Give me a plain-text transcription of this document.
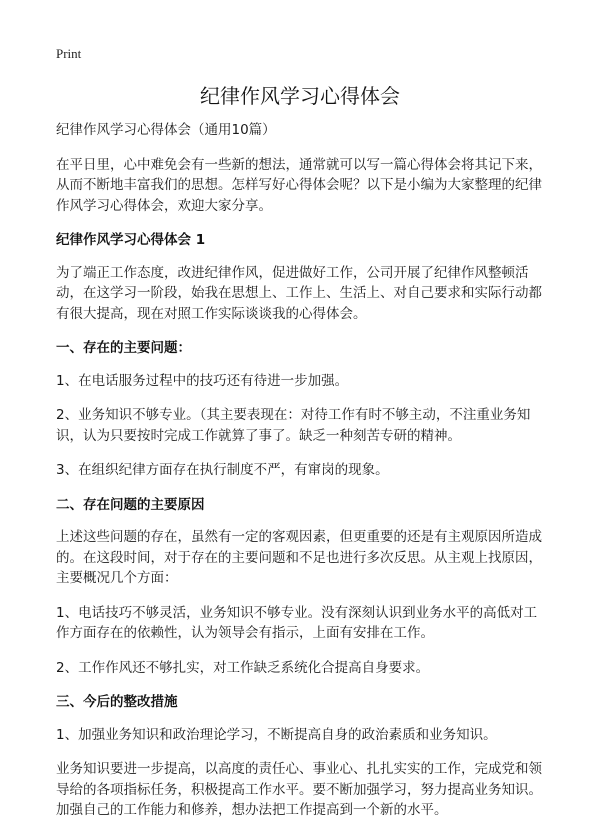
Print
纪律作风学习心得体会

纪律作风学习心得体会（通用10篇）

在平日里，心中难免会有一些新的想法，通常就可以写一篇心得体会将其记下来，从而不断地丰富我们的思想。怎样写好心得体会呢？以下是小编为大家整理的纪律作风学习心得体会，欢迎大家分享。

纪律作风学习心得体会 1

为了端正工作态度，改进纪律作风，促进做好工作，公司开展了纪律作风整顿活动，在这学习一阶段，始我在思想上、工作上、生活上、对自己要求和实际行动都有很大提高，现在对照工作实际谈谈我的心得体会。

一、存在的主要问题：

1、在电话服务过程中的技巧还有待进一步加强。

2、业务知识不够专业。（其主要表现在：对待工作有时不够主动，不注重业务知识，认为只要按时完成工作就算了事了。缺乏一种刻苦专研的精神。

3、在组织纪律方面存在执行制度不严，有窜岗的现象。

二、存在问题的主要原因

上述这些问题的存在，虽然有一定的客观因素，但更重要的还是有主观原因所造成的。在这段时间，对于存在的主要问题和不足也进行多次反思。从主观上找原因，主要概况几个方面：

1、电话技巧不够灵活，业务知识不够专业。没有深刻认识到业务水平的高低对工作方面存在的依赖性，认为领导会有指示，上面有安排在工作。

2、工作作风还不够扎实，对工作缺乏系统化合提高自身要求。

三、今后的整改措施

1、加强业务知识和政治理论学习，不断提高自身的政治素质和业务知识。

业务知识要进一步提高，以高度的责任心、事业心、扎扎实实的工作，完成党和领导给的各项指标任务，积极提高工作水平。要不断加强学习，努力提高业务知识。加强自己的工作能力和修养，想办法把工作提高到一个新的水平。
